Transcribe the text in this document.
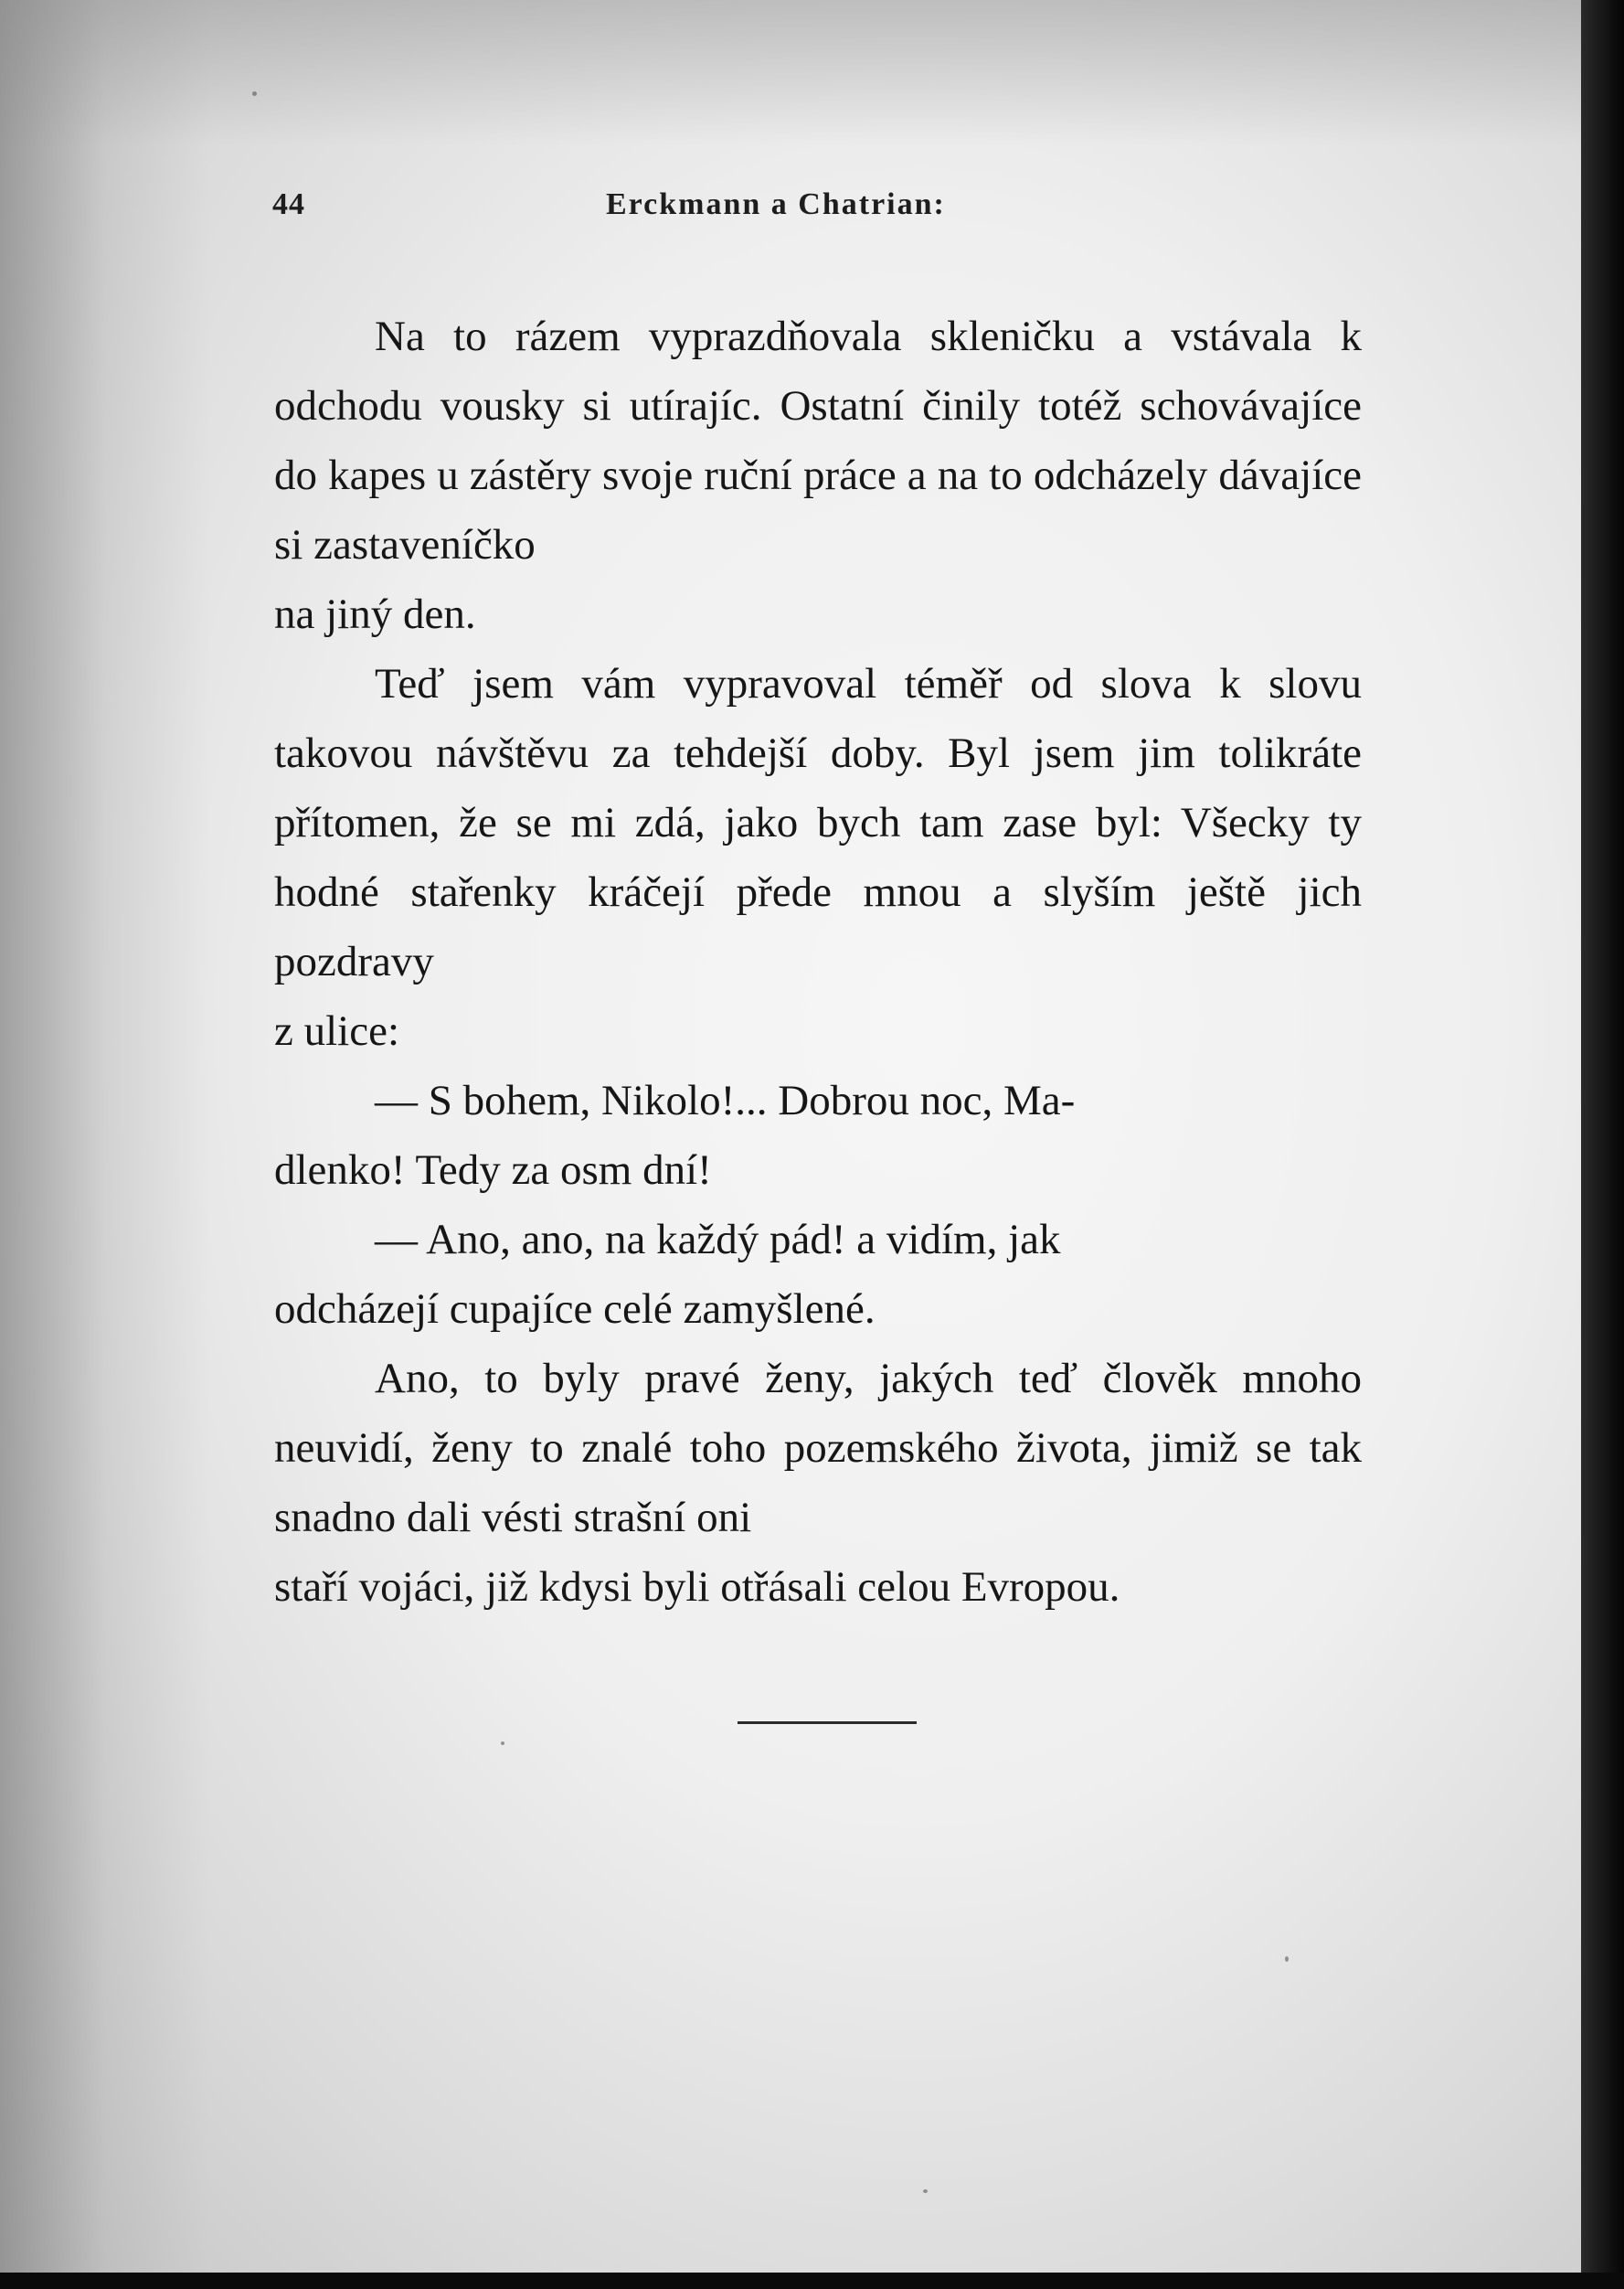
44	Erckmann a Chatrian:

Na to rázem vyprazdňovala skleničku a vstávala k odchodu vousky si utírajíc. Ostatní činily totéž schovávajíce do kapes u zástěry svoje ruční práce a na to odcházely dávajíce si zastaveníčko
na jiný den.

Teď jsem vám vypravoval téměř od slova k slovu takovou návštěvu za tehdejší doby. Byl jsem jim tolikráte přítomen, že se mi zdá, jako bych tam zase byl: Všecky ty hodné stařenky kráčejí přede mnou a slyším ještě jich pozdravy
z ulice:

— S bohem, Nikolo!... Dobrou noc, Ma-
dlenko! Tedy za osm dní!

— Ano, ano, na každý pád! a vidím, jak
odcházejí cupajíce celé zamyšlené.

Ano, to byly pravé ženy, jakých teď člověk mnoho neuvidí, ženy to znalé toho pozemského života, jimiž se tak snadno dali vésti strašní oni
staří vojáci, již kdysi byli otřásali celou Evropou.
